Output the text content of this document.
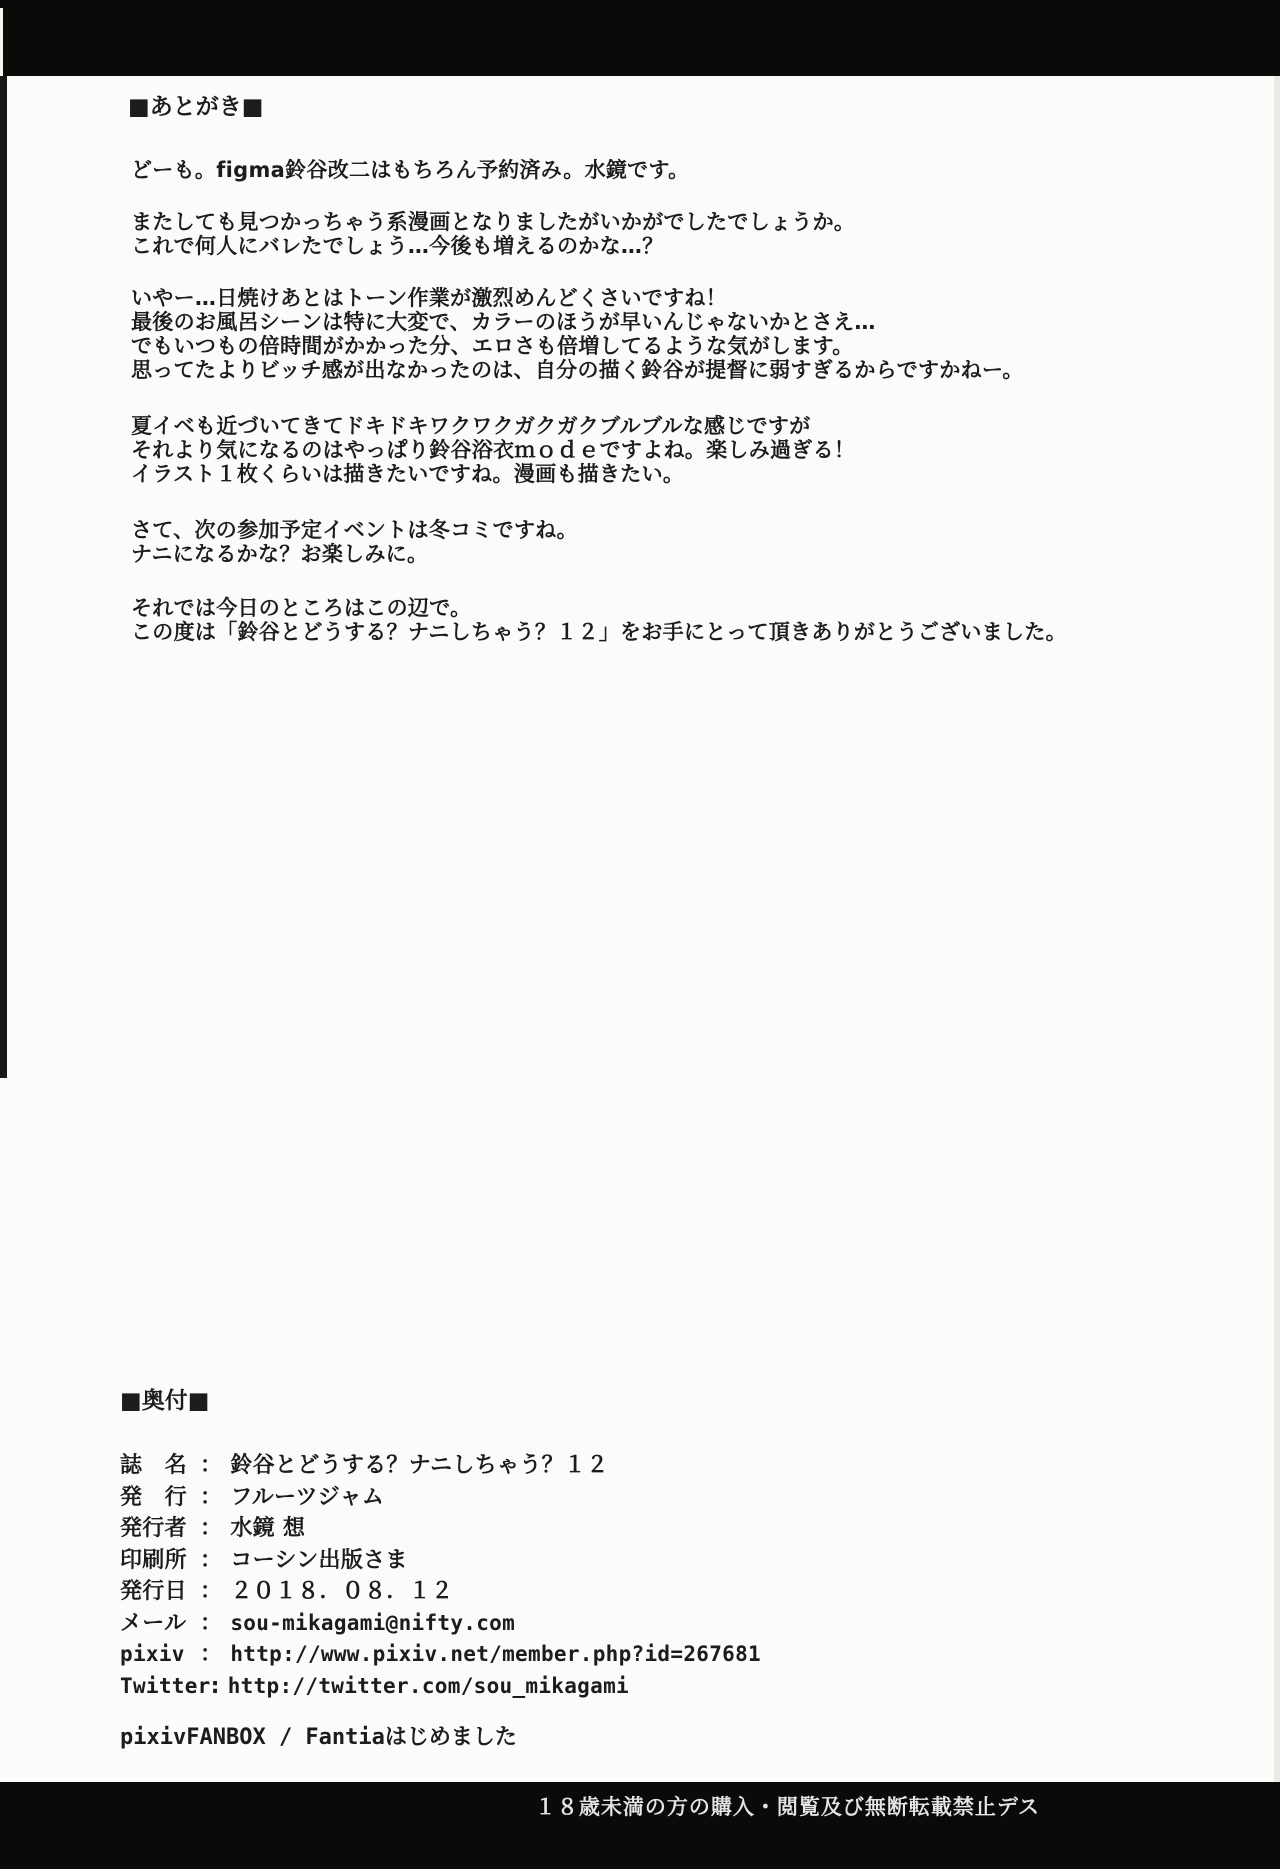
■あとがき■
どーも。figma鈴谷改二はもちろん予約済み。水鏡です。
またしても見つかっちゃう系漫画となりましたがいかがでしたでしょうか。
これで何人にバレたでしょう…今後も増えるのかな…？
いやー…日焼けあとはトーン作業が激烈めんどくさいですね！
最後のお風呂シーンは特に大変で、カラーのほうが早いんじゃないかとさえ…
でもいつもの倍時間がかかった分、エロさも倍増してるような気がします。
思ってたよりビッチ感が出なかったのは、自分の描く鈴谷が提督に弱すぎるからですかねー。
夏イベも近づいてきてドキドキワクワクガクガクブルブルな感じですが
それより気になるのはやっぱり鈴谷浴衣ｍｏｄｅですよね。楽しみ過ぎる！
イラスト１枚くらいは描きたいですね。漫画も描きたい。
さて、次の参加予定イベントは冬コミですね。
ナニになるかな？お楽しみに。
それでは今日のところはこの辺で。
この度は「鈴谷とどうする？ナニしちゃう？１２」をお手にとって頂きありがとうございました。
■奥付■
誌　名 ： 鈴谷とどうする？ナニしちゃう？１２
発　行 ： フルーツジャム
発行者 ： 水鏡 想
印刷所 ： コーシン出版さま
発行日 ： ２０１８．０８．１２
メール ： sou-mikagami@nifty.com
pixiv ： http://www.pixiv.net/member.php?id=267681
Twitter: http://twitter.com/sou_mikagami
pixivFANBOX / Fantiaはじめました
１８歳未満の方の購入・閲覧及び無断転載禁止デス
